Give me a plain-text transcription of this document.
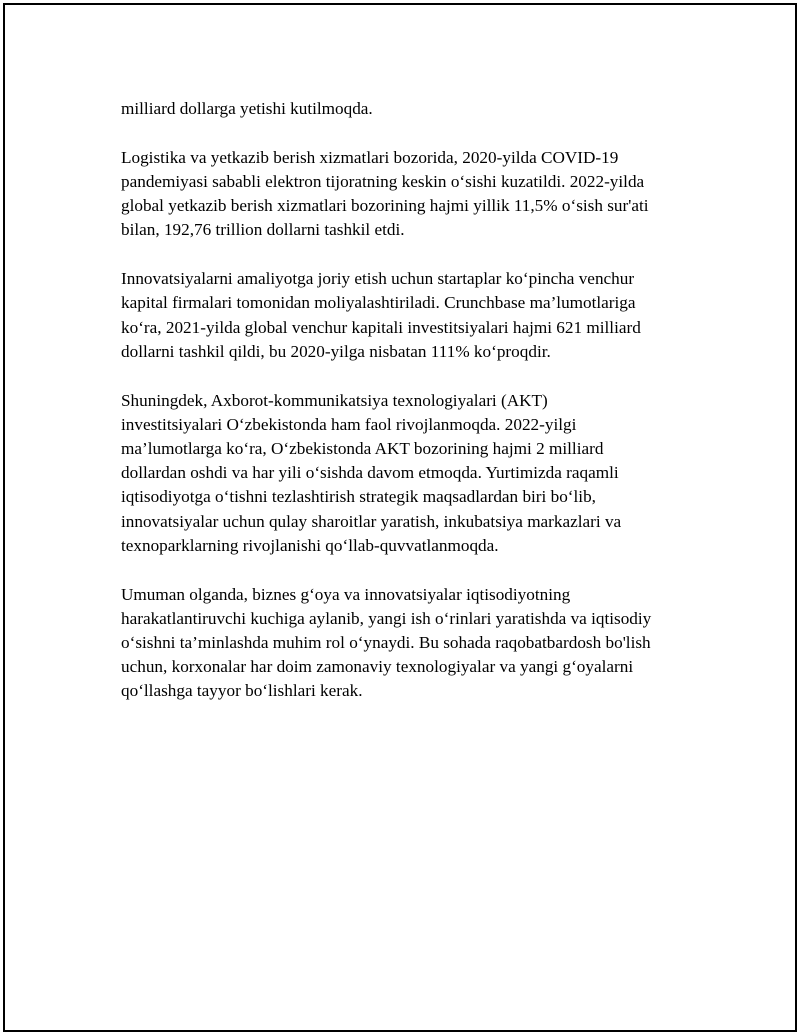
milliard dollarga yetishi kutilmoqda.

Logistika va yetkazib berish xizmatlari bozorida, 2020-yilda COVID-19
pandemiyasi sababli elektron tijoratning keskin o‘sishi kuzatildi. 2022-yilda
global yetkazib berish xizmatlari bozorining hajmi yillik 11,5% o‘sish sur'ati
bilan, 192,76 trillion dollarni tashkil etdi.

Innovatsiyalarni amaliyotga joriy etish uchun startaplar ko‘pincha venchur
kapital firmalari tomonidan moliyalashtiriladi. Crunchbase ma’lumotlariga
ko‘ra, 2021-yilda global venchur kapitali investitsiyalari hajmi 621 milliard
dollarni tashkil qildi, bu 2020-yilga nisbatan 111% ko‘proqdir.

Shuningdek, Axborot-kommunikatsiya texnologiyalari (AKT)
investitsiyalari O‘zbekistonda ham faol rivojlanmoqda. 2022-yilgi
ma’lumotlarga ko‘ra, O‘zbekistonda AKT bozorining hajmi 2 milliard
dollardan oshdi va har yili o‘sishda davom etmoqda. Yurtimizda raqamli
iqtisodiyotga o‘tishni tezlashtirish strategik maqsadlardan biri bo‘lib,
innovatsiyalar uchun qulay sharoitlar yaratish, inkubatsiya markazlari va
texnoparklarning rivojlanishi qo‘llab-quvvatlanmoqda.

Umuman olganda, biznes g‘oya va innovatsiyalar iqtisodiyotning
harakatlantiruvchi kuchiga aylanib, yangi ish o‘rinlari yaratishda va iqtisodiy
o‘sishni ta’minlashda muhim rol o‘ynaydi. Bu sohada raqobatbardosh bo'lish
uchun, korxonalar har doim zamonaviy texnologiyalar va yangi g‘oyalarni
qo‘llashga tayyor bo‘lishlari kerak.
